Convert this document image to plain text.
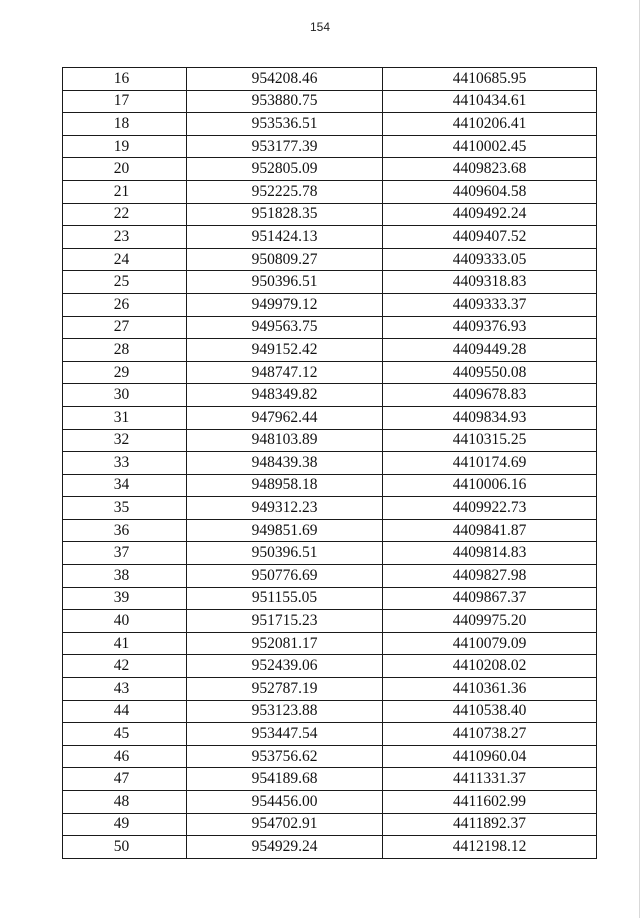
154
16	954208.46	4410685.95
17	953880.75	4410434.61
18	953536.51	4410206.41
19	953177.39	4410002.45
20	952805.09	4409823.68
21	952225.78	4409604.58
22	951828.35	4409492.24
23	951424.13	4409407.52
24	950809.27	4409333.05
25	950396.51	4409318.83
26	949979.12	4409333.37
27	949563.75	4409376.93
28	949152.42	4409449.28
29	948747.12	4409550.08
30	948349.82	4409678.83
31	947962.44	4409834.93
32	948103.89	4410315.25
33	948439.38	4410174.69
34	948958.18	4410006.16
35	949312.23	4409922.73
36	949851.69	4409841.87
37	950396.51	4409814.83
38	950776.69	4409827.98
39	951155.05	4409867.37
40	951715.23	4409975.20
41	952081.17	4410079.09
42	952439.06	4410208.02
43	952787.19	4410361.36
44	953123.88	4410538.40
45	953447.54	4410738.27
46	953756.62	4410960.04
47	954189.68	4411331.37
48	954456.00	4411602.99
49	954702.91	4411892.37
50	954929.24	4412198.12
